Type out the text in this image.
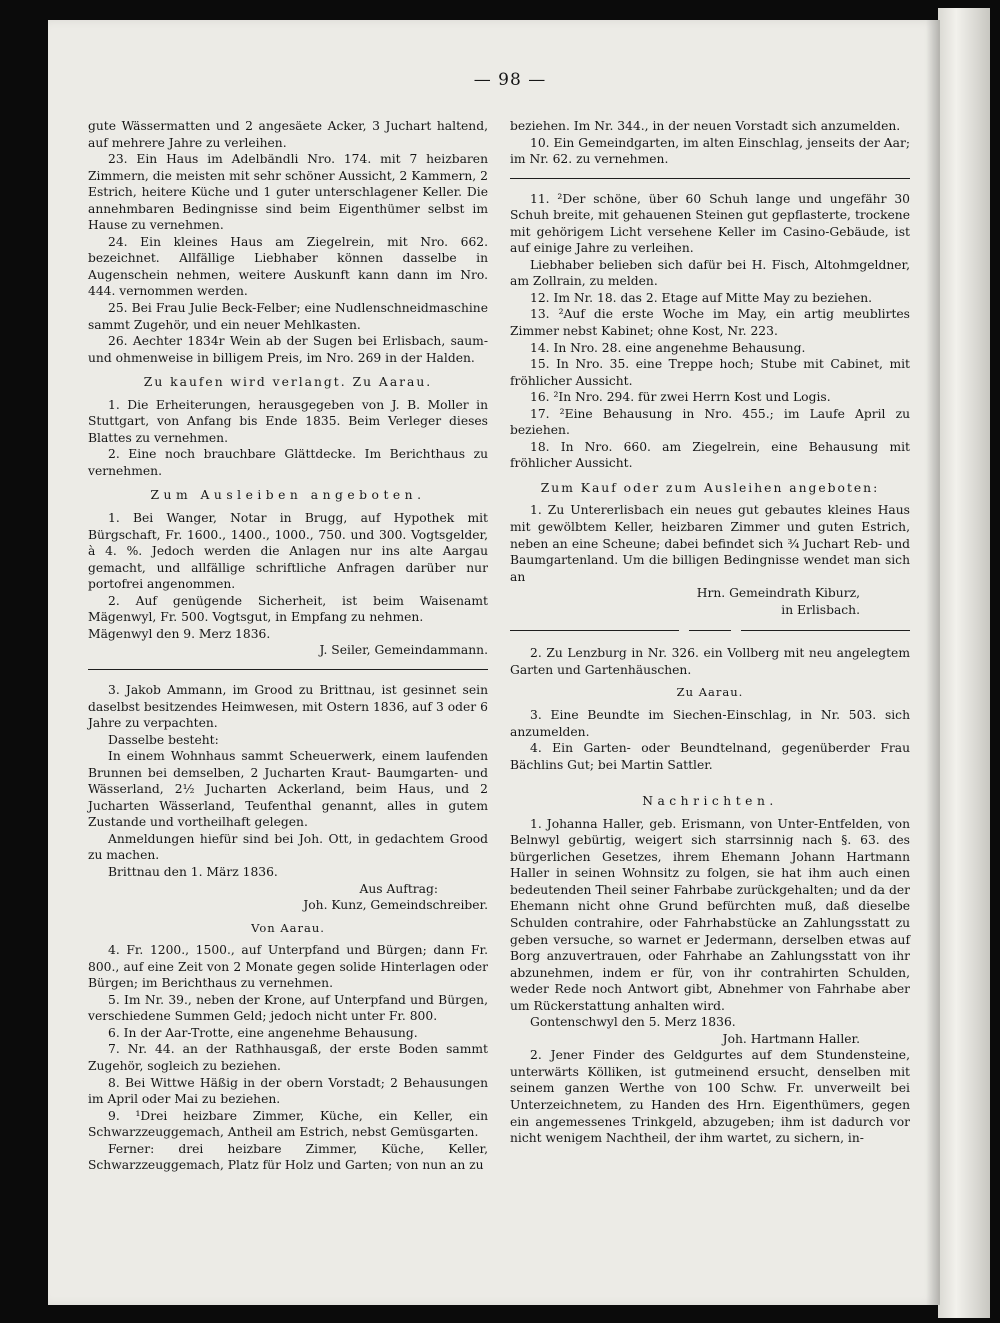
— 98 —

gute Wässermatten und 2 angesäete Acker, 3 Juchart haltend, auf mehrere Jahre zu verleihen.

23. Ein Haus im Adelbändli Nro. 174. mit 7 heizbaren Zimmern, die meisten mit sehr schöner Aussicht, 2 Kammern, 2 Estrich, heitere Küche und 1 guter unterschlagener Keller. Die annehmbaren Bedingnisse sind beim Eigenthümer selbst im Hause zu vernehmen.

24. Ein kleines Haus am Ziegelrein, mit Nro. 662. bezeichnet. Allfällige Liebhaber können dasselbe in Augenschein nehmen, weitere Auskunft kann dann im Nro. 444. vernommen werden.

25. Bei Frau Julie Beck-Felber; eine Nudlenschneidmaschine sammt Zugehör, und ein neuer Mehlkasten.

26. Aechter 1834r Wein ab der Sugen bei Erlisbach, saum- und ohmenweise in billigem Preis, im Nro. 269 in der Halden.

Zu kaufen wird verlangt. Zu Aarau.

1. Die Erheiterungen, herausgegeben von J. B. Moller in Stuttgart, von Anfang bis Ende 1835. Beim Verleger dieses Blattes zu vernehmen.

2. Eine noch brauchbare Glättdecke. Im Berichthaus zu vernehmen.

Zum Ausleiben angeboten.

1. Bei Wanger, Notar in Brugg, auf Hypothek mit Bürgschaft, Fr. 1600., 1400., 1000., 750. und 300. Vogtsgelder, à 4. %. Jedoch werden die Anlagen nur ins alte Aargau gemacht, und allfällige schriftliche Anfragen darüber nur portofrei angenommen.

2. Auf genügende Sicherheit, ist beim Waisenamt Mägenwyl, Fr. 500. Vogtsgut, in Empfang zu nehmen.

Mägenwyl den 9. Merz 1836.

J. Seiler, Gemeindammann.

3. Jakob Ammann, im Grood zu Brittnau, ist gesinnet sein daselbst besitzendes Heimwesen, mit Ostern 1836, auf 3 oder 6 Jahre zu verpachten.

Dasselbe besteht:

In einem Wohnhaus sammt Scheuerwerk, einem laufenden Brunnen bei demselben, 2 Jucharten Kraut- Baumgarten- und Wässerland, 2½ Jucharten Ackerland, beim Haus, und 2 Jucharten Wässerland, Teufenthal genannt, alles in gutem Zustande und vortheilhaft gelegen.

Anmeldungen hiefür sind bei Joh. Ott, in gedachtem Grood zu machen.

Brittnau den 1. März 1836.

Aus Auftrag:

Joh. Kunz, Gemeindschreiber.

Von Aarau.

4. Fr. 1200., 1500., auf Unterpfand und Bürgen; dann Fr. 800., auf eine Zeit von 2 Monate gegen solide Hinterlagen oder Bürgen; im Berichthaus zu vernehmen.

5. Im Nr. 39., neben der Krone, auf Unterpfand und Bürgen, verschiedene Summen Geld; jedoch nicht unter Fr. 800.

6. In der Aar-Trotte, eine angenehme Behausung.

7. Nr. 44. an der Rathhausgaß, der erste Boden sammt Zugehör, sogleich zu beziehen.

8. Bei Wittwe Häßig in der obern Vorstadt; 2 Behausungen im April oder Mai zu beziehen.

9. ¹Drei heizbare Zimmer, Küche, ein Keller, ein Schwarzzeuggemach, Antheil am Estrich, nebst Gemüsgarten.

Ferner: drei heizbare Zimmer, Küche, Keller, Schwarzzeuggemach, Platz für Holz und Garten; von nun an zu

beziehen. Im Nr. 344., in der neuen Vorstadt sich anzumelden.

10. Ein Gemeindgarten, im alten Einschlag, jenseits der Aar; im Nr. 62. zu vernehmen.

11. ²Der schöne, über 60 Schuh lange und ungefähr 30 Schuh breite, mit gehauenen Steinen gut gepflasterte, trockene mit gehörigem Licht versehene Keller im Casino-Gebäude, ist auf einige Jahre zu verleihen.

Liebhaber belieben sich dafür bei H. Fisch, Altohmgeldner, am Zollrain, zu melden.

12. Im Nr. 18. das 2. Etage auf Mitte May zu beziehen.

13. ²Auf die erste Woche im May, ein artig meublirtes Zimmer nebst Kabinet; ohne Kost, Nr. 223.

14. In Nro. 28. eine angenehme Behausung.

15. In Nro. 35. eine Treppe hoch; Stube mit Cabinet, mit fröhlicher Aussicht.

16. ²In Nro. 294. für zwei Herrn Kost und Logis.

17. ²Eine Behausung in Nro. 455.; im Laufe April zu beziehen.

18. In Nro. 660. am Ziegelrein, eine Behausung mit fröhlicher Aussicht.

Zum Kauf oder zum Ausleihen angeboten:

1. Zu Untererlisbach ein neues gut gebautes kleines Haus mit gewölbtem Keller, heizbaren Zimmer und guten Estrich, neben an eine Scheune; dabei befindet sich ¾ Juchart Reb- und Baumgartenland. Um die billigen Bedingnisse wendet man sich an

Hrn. Gemeindrath Kiburz,

in Erlisbach.

2. Zu Lenzburg in Nr. 326. ein Vollberg mit neu angelegtem Garten und Gartenhäuschen.

Zu Aarau.

3. Eine Beundte im Siechen-Einschlag, in Nr. 503. sich anzumelden.

4. Ein Garten- oder Beundtelnand, gegenüberder Frau Bächlins Gut; bei Martin Sattler.

Nachrichten.

1. Johanna Haller, geb. Erismann, von Unter-Entfelden, von Belnwyl gebürtig, weigert sich starrsinnig nach §. 63. des bürgerlichen Gesetzes, ihrem Ehemann Johann Hartmann Haller in seinen Wohnsitz zu folgen, sie hat ihm auch einen bedeutenden Theil seiner Fahrbabe zurückgehalten; und da der Ehemann nicht ohne Grund befürchten muß, daß dieselbe Schulden contrahire, oder Fahrhabstücke an Zahlungsstatt zu geben versuche, so warnet er Jedermann, derselben etwas auf Borg anzuvertrauen, oder Fahrhabe an Zahlungsstatt von ihr abzunehmen, indem er für, von ihr contrahirten Schulden, weder Rede noch Antwort gibt, Abnehmer von Fahrhabe aber um Rückerstattung anhalten wird.

Gontenschwyl den 5. Merz 1836.

Joh. Hartmann Haller.

2. Jener Finder des Geldgurtes auf dem Stundensteine, unterwärts Kölliken, ist gutmeinend ersucht, denselben mit seinem ganzen Werthe von 100 Schw. Fr. unverweilt bei Unterzeichnetem, zu Handen des Hrn. Eigenthümers, gegen ein angemessenes Trinkgeld, abzugeben; ihm ist dadurch vor nicht wenigem Nachtheil, der ihm wartet, zu sichern, in-
